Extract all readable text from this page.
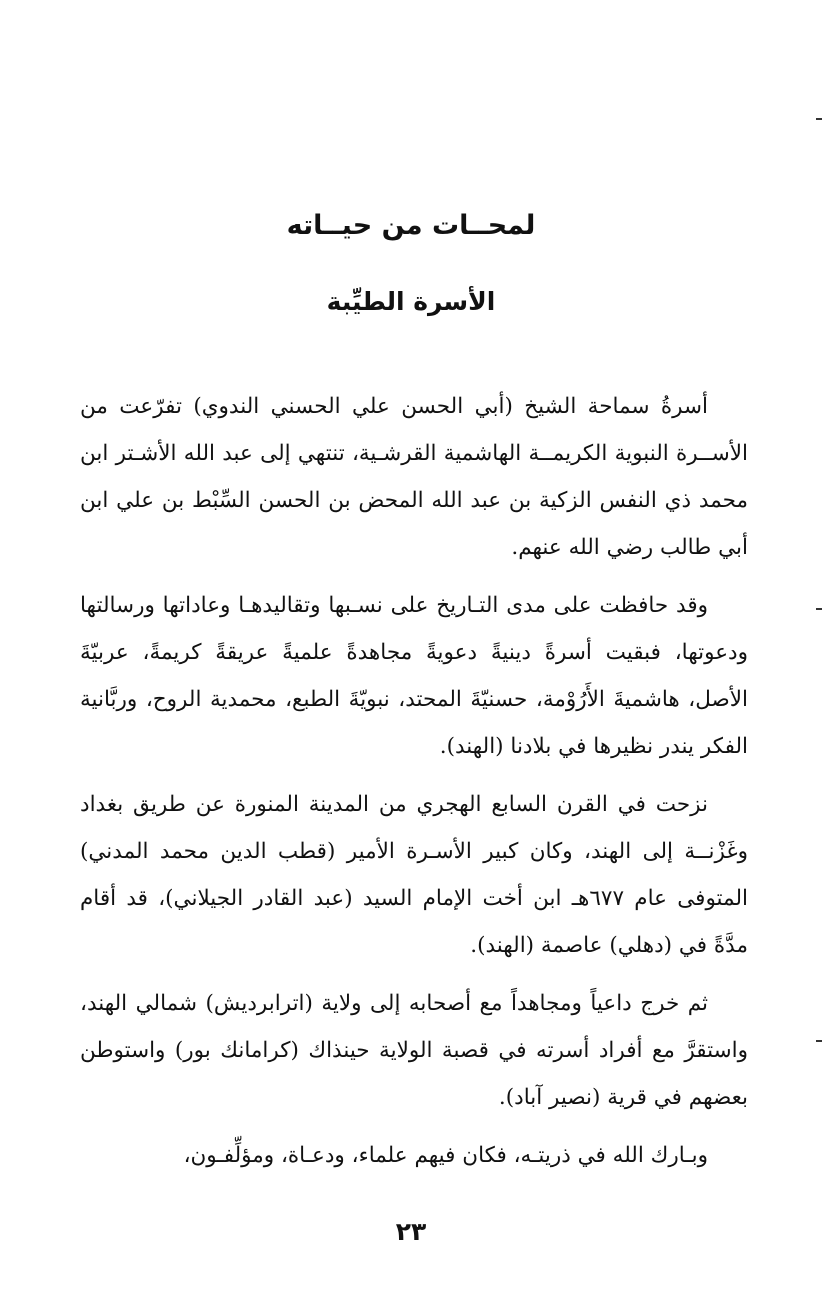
لمحــات من حيــاته
الأسرة الطيِّبة

أسرةُ سماحة الشيخ (أبي الحسن علي الحسني الندوي) تفرّعت من الأســرة النبوية الكريمــة الهاشمية القرشـية، تنتهي إلى عبد الله الأشـتر ابن محمد ذي النفس الزكية بن عبد الله المحض بن الحسن السِّبْط بن علي ابن أبي طالب رضي الله عنهم.

وقد حافظت على مدى التـاريخ على نسـبها وتقاليدهـا وعاداتها ورسالتها ودعوتها، فبقيت أسرةً دينيةً دعويةً مجاهدةً علميةً عريقةً كريمةً، عربيّةَ الأصل، هاشميةَ الأَرُوْمة، حسنيّةَ المحتد، نبويّةَ الطبع، محمدية الروح، وربَّانية الفكر يندر نظيرها في بلادنا (الهند).

نزحت في القرن السابع الهجري من المدينة المنورة عن طريق بغداد وغَزْنــة إلى الهند، وكان كبير الأسـرة الأمير (قطب الدين محمد المدني) المتوفى عام ٦٧٧هـ ابن أخت الإمام السيد (عبد القادر الجيلاني)، قد أقام مدَّةً في (دهلي) عاصمة (الهند).

ثم خرج داعياً ومجاهداً مع أصحابه إلى ولاية (اترابرديش) شمالي الهند، واستقرَّ مع أفراد أسرته في قصبة الولاية حينذاك (كرامانك بور) واستوطن بعضهم في قرية (نصير آباد).

وبـارك الله في ذريتـه، فكان فيهم علماء، ودعـاة، ومؤلِّفـون،

٢٣
